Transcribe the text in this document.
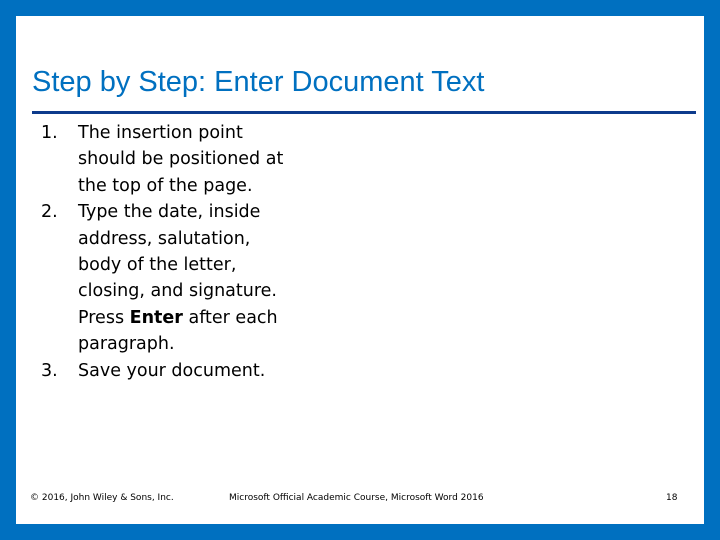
Step by Step: Enter Document Text
1. The insertion point
should be positioned at
the top of the page.
2. Type the date, inside
address, salutation,
body of the letter,
closing, and signature.
Press Enter after each
paragraph.
3. Save your document.
© 2016, John Wiley & Sons, Inc.	Microsoft Official Academic Course, Microsoft Word 2016	18
